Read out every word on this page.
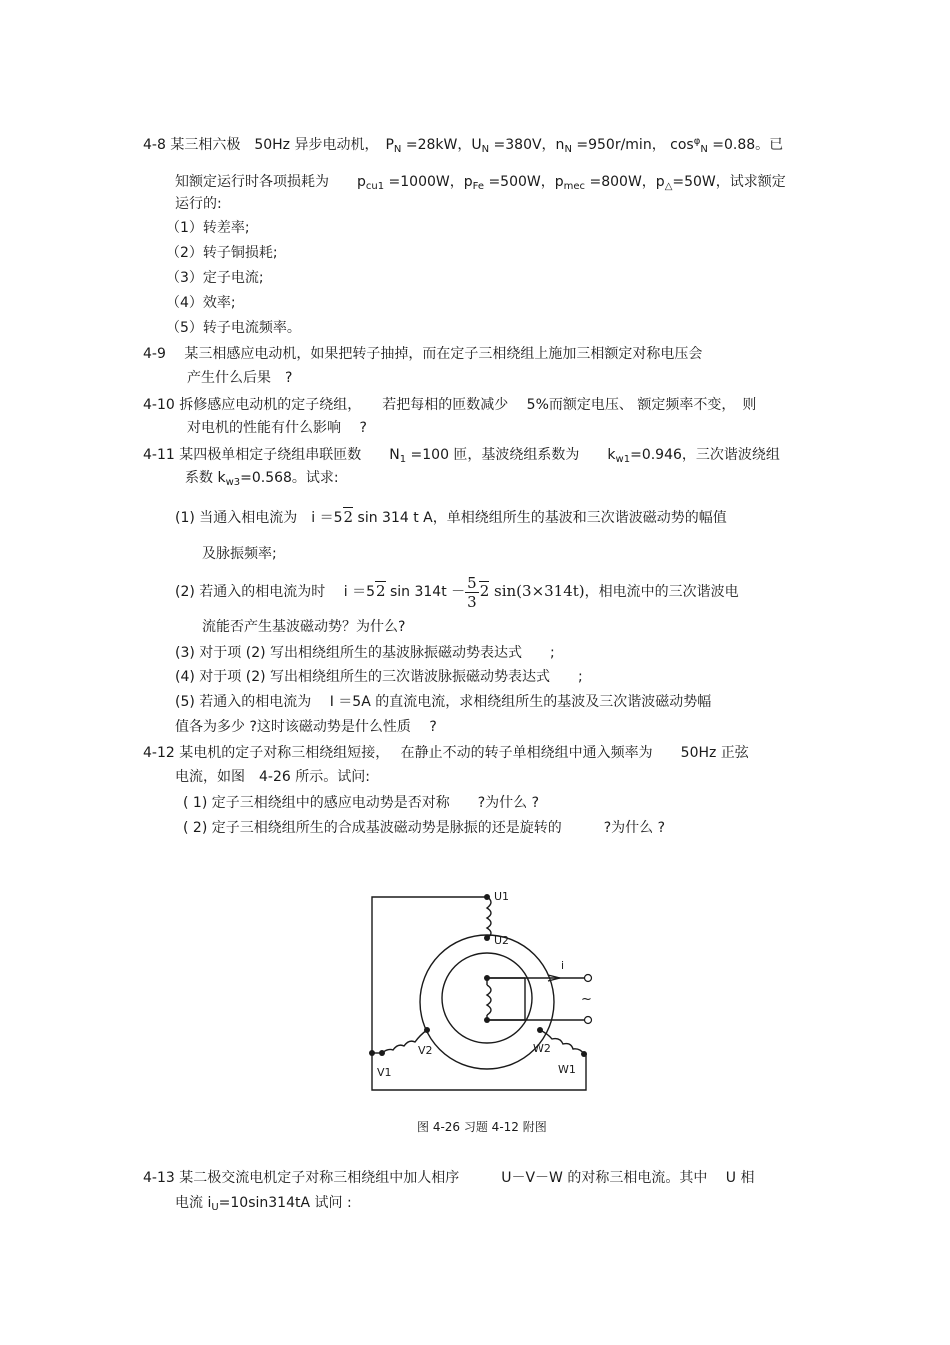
4-8 某三相六极　50Hz 异步电动机，　$P_N =28kW$，$U_N =380V$，$n_N =950r/\min$， $\cos^\varphi_N =0.88$。已
知额定运行时各项损耗为　　$p_{cu1} =1000W$，$p_{Fe} =500W$，$p_{mec} =800W$，$p_\triangle=50W$，试求额定
运行的:
（1）转差率;
（2）转子铜损耗;
（3）定子电流;
（4）效率;
（5）转子电流频率。
4-9　 某三相感应电动机，如果把转子抽掉，而在定子三相绕组上施加三相额定对称电压会
产生什么后果　?
4-10 拆修感应电动机的定子绕组，　　若把每相的匝数减少　 5%而额定电压、 额定频率不变，　则
对电机的性能有什么影响　 ?
4-11 某四极单相定子绕组串联匝数　　$N_1 =100$ 匝，基波绕组系数为　　$k_{w1}=0.946$，三次谐波绕组
系数 $k_{w3}=0.568$。试求:
(1) 当通入相电流为　i ＝52 sin 314 t A，单相绕组所生的基波和三次谐波磁动势的幅值
及脉振频率;
(2) 若通入的相电流为时　 i ＝52 $\sin 314t - \frac{5}{3} 2$ sin(3×314t)，相电流中的三次谐波电
流能否产生基波磁动势？为什么?
(3) 对于项 (2) 写出相绕组所生的基波脉振磁动势表达式　　;
(4) 对于项 (2) 写出相绕组所生的三次谐波脉振磁动势表达式　　;
(5) 若通入的相电流为　 I ＝5A 的直流电流，求相绕组所生的基波及三次谐波磁动势幅
值各为多少 ?这时该磁动势是什么性质　 ?
4-12 某电机的定子对称三相绕组短接，　 在静止不动的转子单相绕组中通入频率为　　50Hz 正弦
电流，如图　4-26 所示。试问:
( 1) 定子三相绕组中的感应电动势是否对称　　?为什么 ?
( 2) 定子三相绕组所生的合成基波磁动势是脉振的还是旋转的　　　?为什么 ?
U1
U2
V2
V1
W2
W1
i
~
图 4-26 习题 4-12 附图
4-13 某二极交流电机定子对称三相绕组中加人相序　　　U－V－W 的对称三相电流。其中　 U 相
电流 $i_U=10\sin 314tA$ 试问 :
